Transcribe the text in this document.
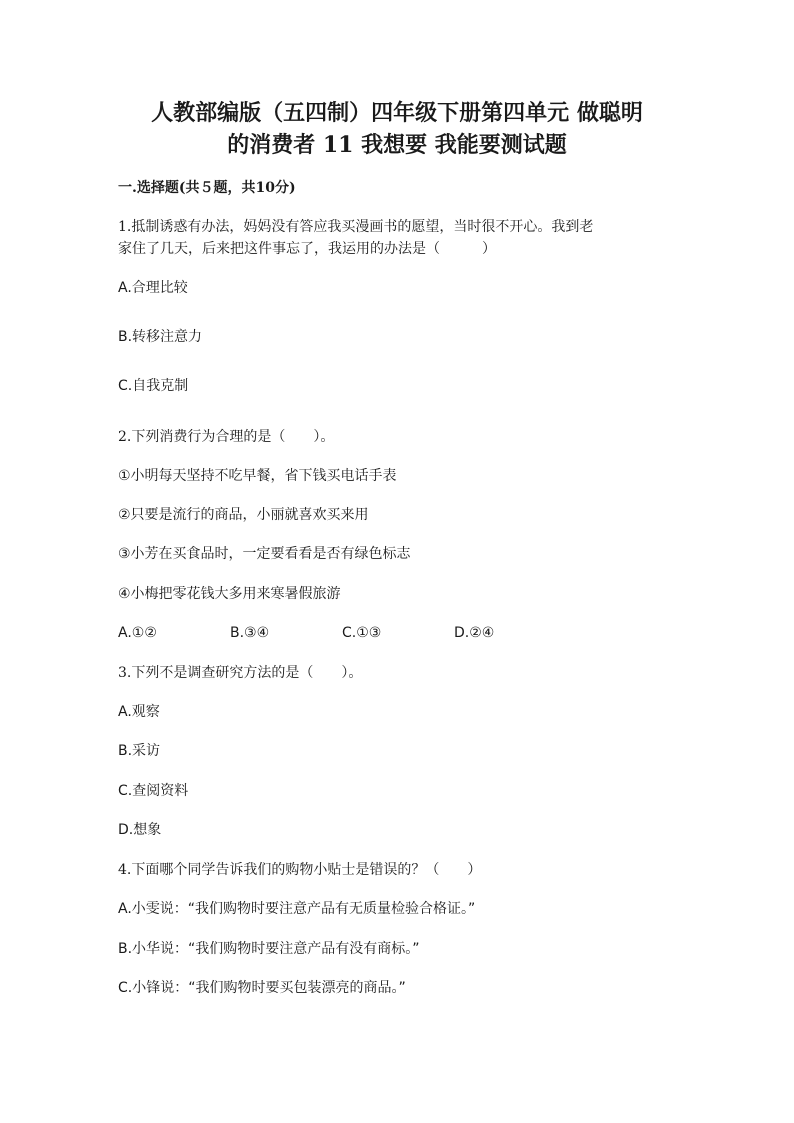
人教部编版（五四制）四年级下册第四单元 做聪明
的消费者 11 我想要 我能要测试题
一.选择题(共５题，共10分)
1.抵制诱惑有办法，妈妈没有答应我买漫画书的愿望，当时很不开心。我到老
家住了几天，后来把这件事忘了，我运用的办法是（　　　）
A.合理比较
B.转移注意力
C.自我克制
2.下列消费行为合理的是（　　）。
①小明每天坚持不吃早餐，省下钱买电话手表
②只要是流行的商品，小丽就喜欢买来用
③小芳在买食品时，一定要看看是否有绿色标志
④小梅把零花钱大多用来寒暑假旅游
A.①②	B.③④	C.①③	D.②④
3.下列不是调查研究方法的是（　　）。
A.观察
B.采访
C.查阅资料
D.想象
4.下面哪个同学告诉我们的购物小贴士是错误的？（　　）
A.小雯说：“我们购物时要注意产品有无质量检验合格证。”
B.小华说：“我们购物时要注意产品有没有商标。”
C.小锋说：“我们购物时要买包装漂亮的商品。”
